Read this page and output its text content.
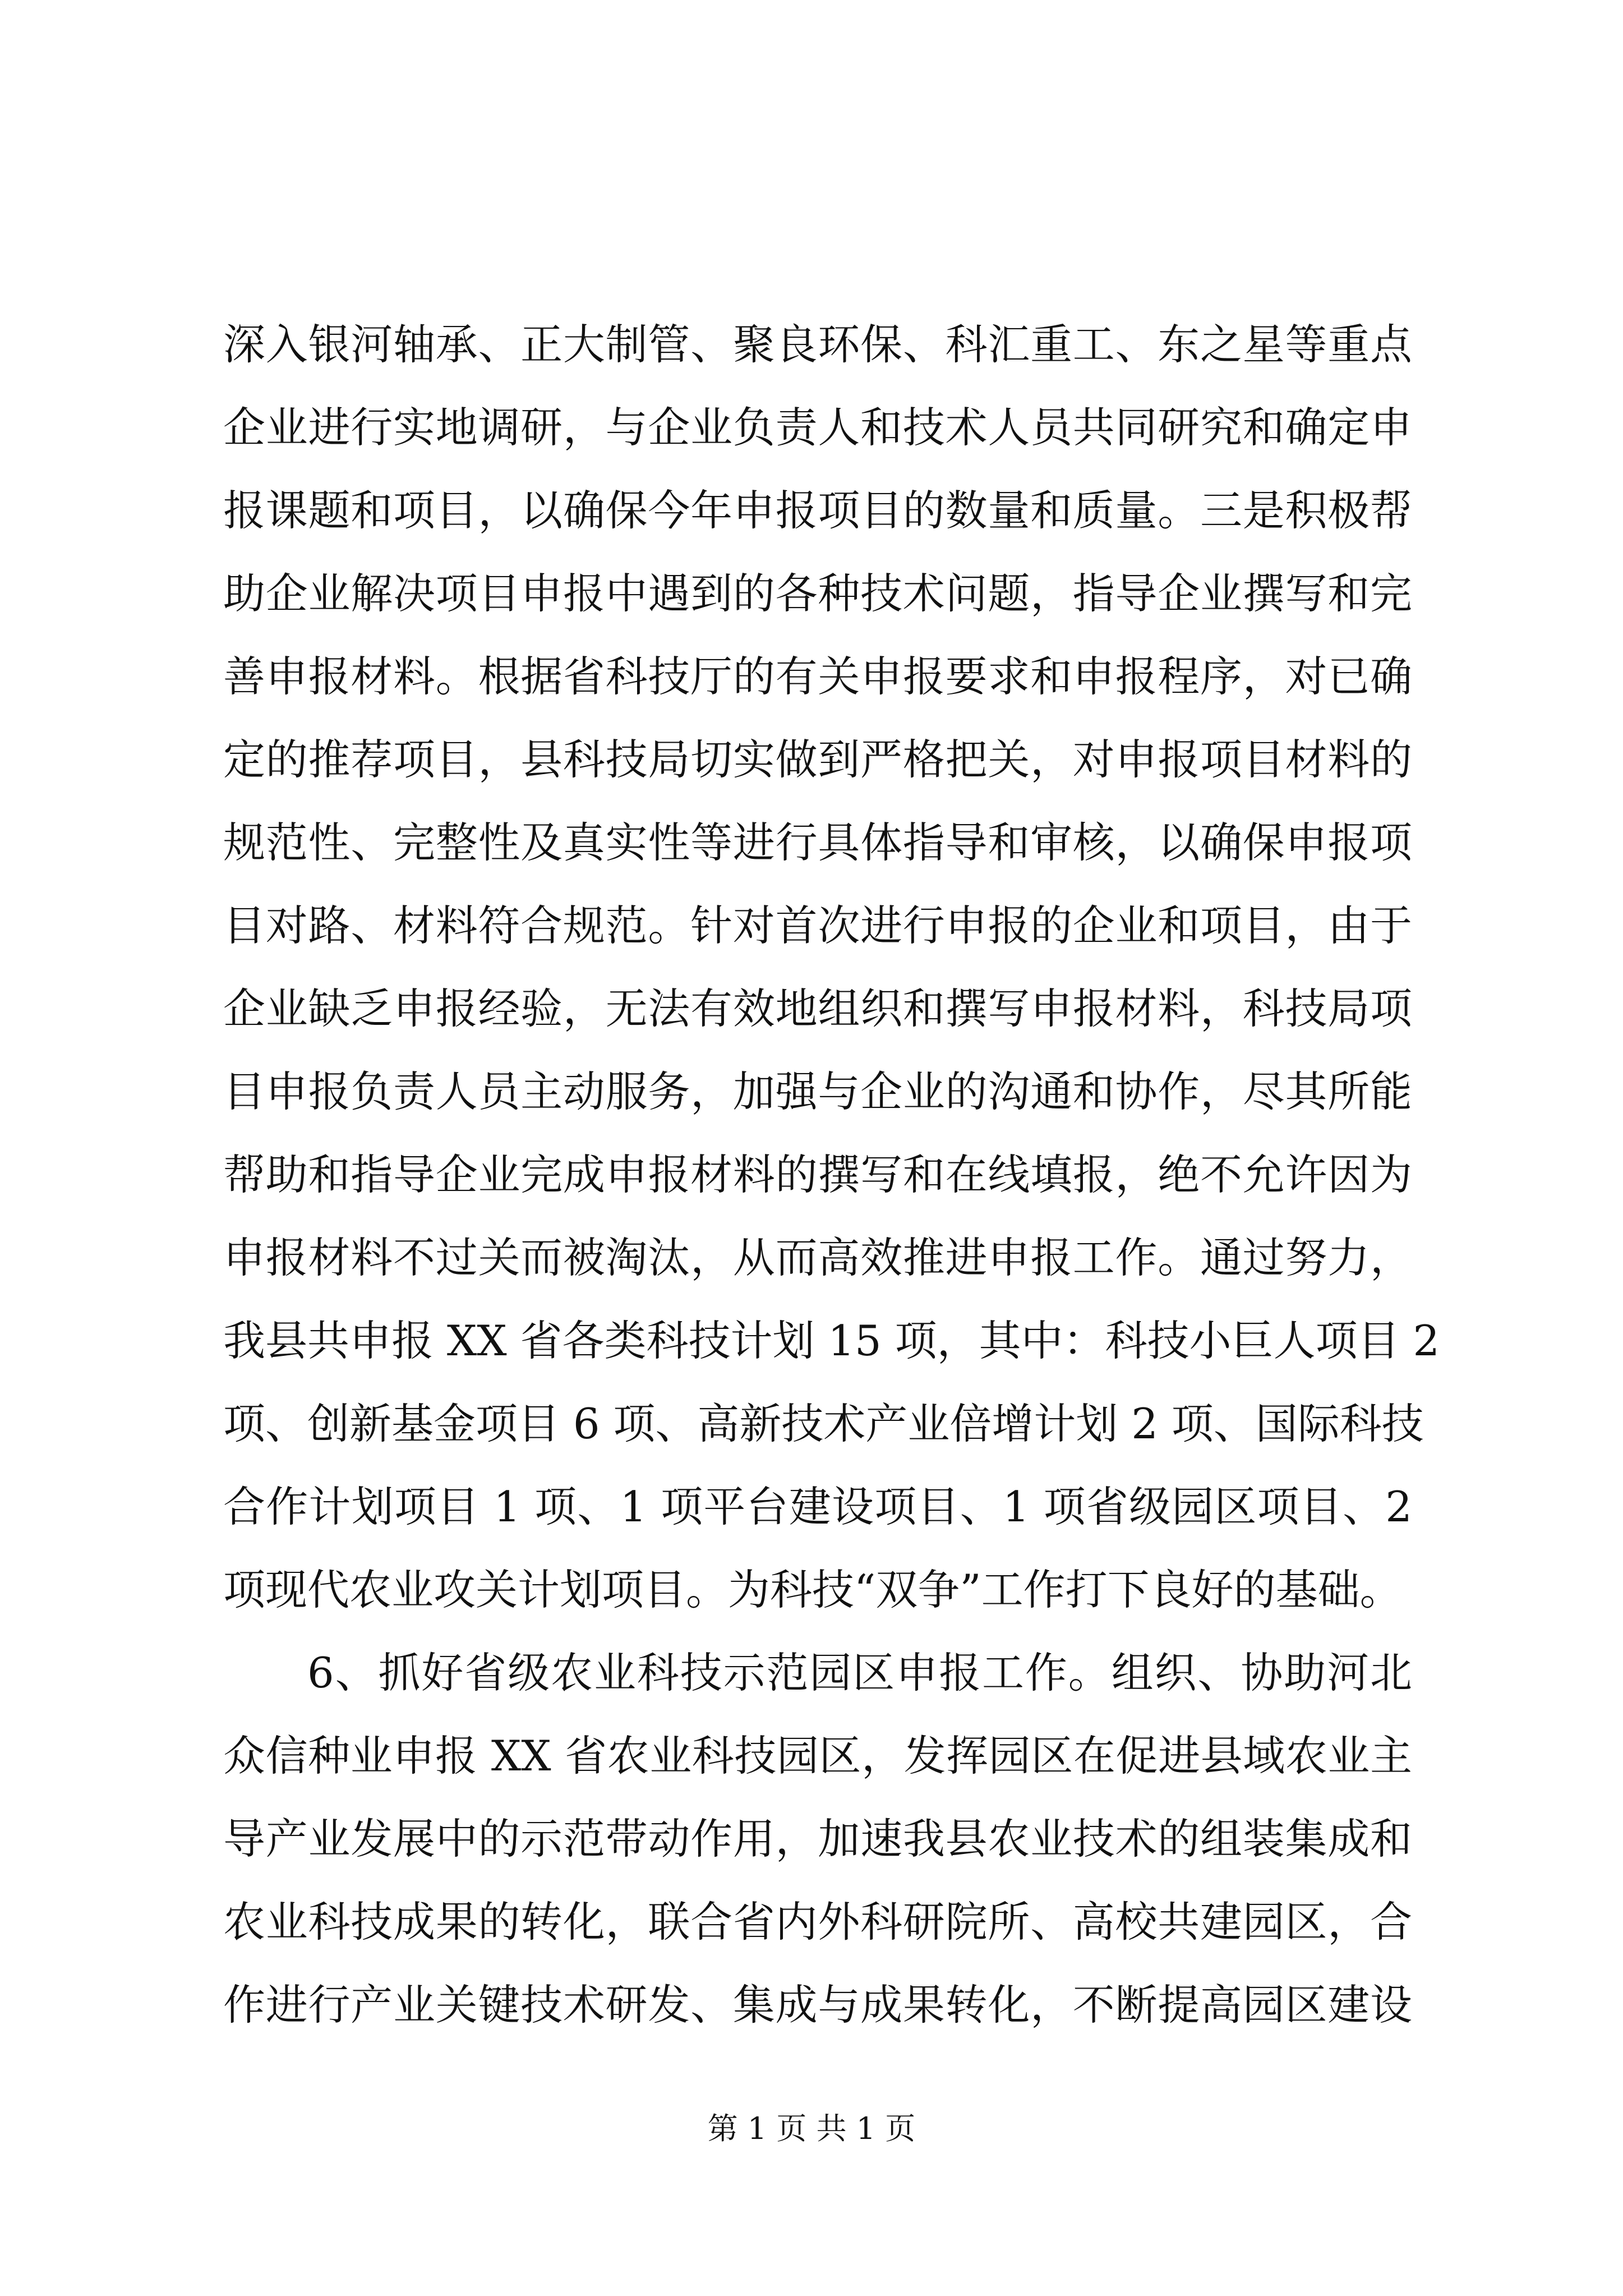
深入银河轴承、正大制管、聚良环保、科汇重工、东之星等重点
企业进行实地调研，与企业负责人和技术人员共同研究和确定申
报课题和项目，以确保今年申报项目的数量和质量。三是积极帮
助企业解决项目申报中遇到的各种技术问题，指导企业撰写和完
善申报材料。根据省科技厅的有关申报要求和申报程序，对已确
定的推荐项目，县科技局切实做到严格把关，对申报项目材料的
规范性、完整性及真实性等进行具体指导和审核，以确保申报项
目对路、材料符合规范。针对首次进行申报的企业和项目，由于
企业缺乏申报经验，无法有效地组织和撰写申报材料，科技局项
目申报负责人员主动服务，加强与企业的沟通和协作，尽其所能
帮助和指导企业完成申报材料的撰写和在线填报，绝不允许因为
申报材料不过关而被淘汰，从而高效推进申报工作。通过努力，
我县共申报 XX 省各类科技计划 15 项，其中：科技小巨人项目 2
项、创新基金项目 6 项、高新技术产业倍增计划 2 项、国际科技
合作计划项目 1 项、1 项平台建设项目、1 项省级园区项目、2
项现代农业攻关计划项目。为科技“双争”工作打下良好的基础。
6、抓好省级农业科技示范园区申报工作。组织、协助河北
众信种业申报 XX 省农业科技园区，发挥园区在促进县域农业主
导产业发展中的示范带动作用，加速我县农业技术的组装集成和
农业科技成果的转化，联合省内外科研院所、高校共建园区，合
作进行产业关键技术研发、集成与成果转化，不断提高园区建设
第 1 页 共 1 页
